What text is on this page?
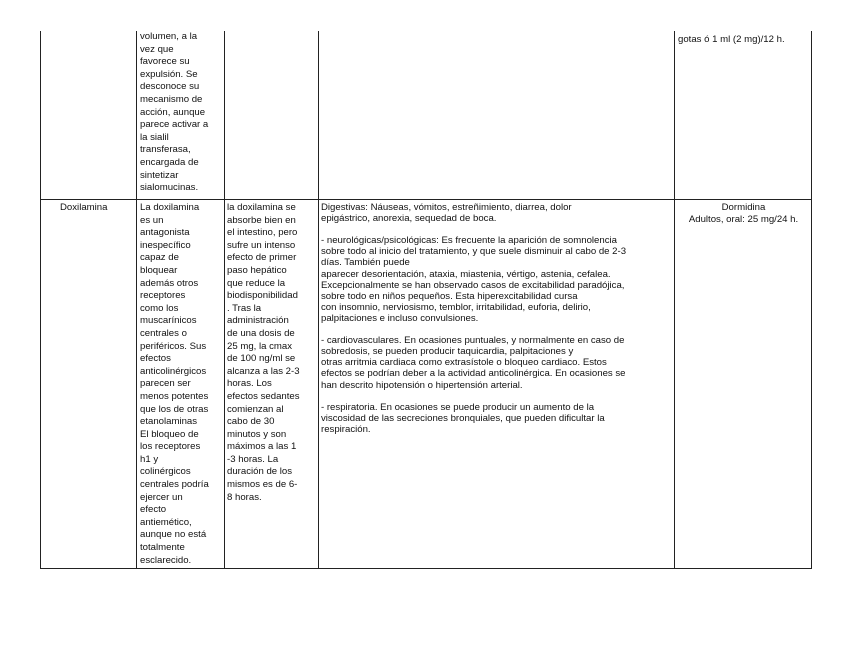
volumen, a la
vez que
favorece su
expulsión. Se
desconoce su
mecanismo de
acción, aunque
parece activar a
la sialil
transferasa,
encargada de
sintetizar
sialomucinas.
gotas ó 1 ml (2 mg)/12 h.
Doxilamina	La doxilamina
es un
antagonista
inespecífico
capaz de
bloquear
además otros
receptores
como los
muscarínicos
centrales o
periféricos. Sus
efectos
anticolinérgicos
parecen ser
menos potentes
que los de otras
etanolaminas
El bloqueo de
los receptores
h1 y
colinérgicos
centrales podría
ejercer un
efecto
antiemético,
aunque no está
totalmente
esclarecido.
la doxilamina se
absorbe bien en
el intestino, pero
sufre un intenso
efecto de primer
paso hepático
que reduce la
biodisponibilidad
. Tras la
administración
de una dosis de
25 mg, la cmax
de 100 ng/ml se
alcanza a las 2-3
horas. Los
efectos sedantes
comienzan al
cabo de 30
minutos y son
máximos a las 1
-3 horas. La
duración de los
mismos es de 6-
8 horas.
Digestivas: Náuseas, vómitos, estreñimiento, diarrea, dolor
epigástrico, anorexia, sequedad de boca.

- neurológicas/psicológicas: Es frecuente la aparición de somnolencia
sobre todo al inicio del tratamiento, y que suele disminuir al cabo de 2-3
días. También puede
aparecer desorientación, ataxia, miastenia, vértigo, astenia, cefalea.
Excepcionalmente se han observado casos de excitabilidad paradójica,
sobre todo en niños pequeños. Esta hiperexcitabilidad cursa
con insomnio, nerviosismo, temblor, irritabilidad, euforia, delirio,
palpitaciones e incluso convulsiones.

- cardiovasculares. En ocasiones puntuales, y normalmente en caso de
sobredosis, se pueden producir taquicardia, palpitaciones y
otras arritmia cardiaca como extrasístole o bloqueo cardiaco. Estos
efectos se podrían deber a la actividad anticolinérgica. En ocasiones se
han descrito hipotensión o hipertensión arterial.

- respiratoria. En ocasiones se puede producir un aumento de la
viscosidad de las secreciones bronquiales, que pueden dificultar la
respiración.
Dormidina
Adultos, oral: 25 mg/24 h.
